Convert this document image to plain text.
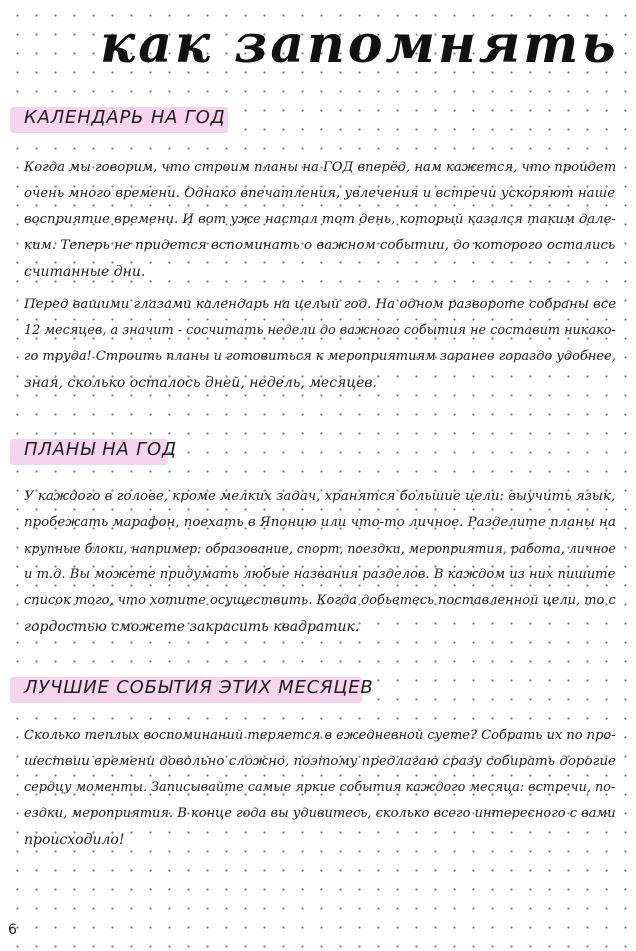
как запомнять
КАЛЕНДАРЬ НА ГОД
Когда мы говорим, что строим планы на ГОД вперёд, нам кажется, что пройдет
очень много времени. Однако впечатления, увлечения и встречи ускоряют наше
восприятие времени. И вот уже настал тот день, который казался таким дале-
ким. Теперь не придется вспоминать о важном событии, до которого остались
считанные дни.
Перед вашими глазами календарь на целый год. На одном развороте собраны все
12 месяцев, а значит - сосчитать недели до важного события не составит никако-
го труда! Строить планы и готовиться к мероприятиям заранее гораздо удобнее,
зная, сколько осталось дней, недель, месяцев.
ПЛАНЫ НА ГОД
У каждого в голове, кроме мелких задач, хранятся большие цели: выучить язык,
пробежать марафон, поехать в Японию или что-то личное. Разделите планы на
крупные блоки, например: образование, спорт, поездки, мероприятия, работа, личное
и т.д. Вы можете придумать любые названия разделов. В каждом из них пишите
список того, что хотите осуществить. Когда добьетесь поставленной цели, то с
гордостью сможете закрасить квадратик.
ЛУЧШИЕ СОБЫТИЯ ЭТИХ МЕСЯЦЕВ
Сколько теплых воспоминаний теряется в ежедневной суете? Собрать их по про-
шествии времени довольно сложно, поэтому предлагаю сразу собирать дорогие
сердцу моменты. Записывайте самые яркие события каждого месяца: встречи, по-
ездки, мероприятия. В конце года вы удивитесь, сколько всего интересного с вами
происходило!
6
